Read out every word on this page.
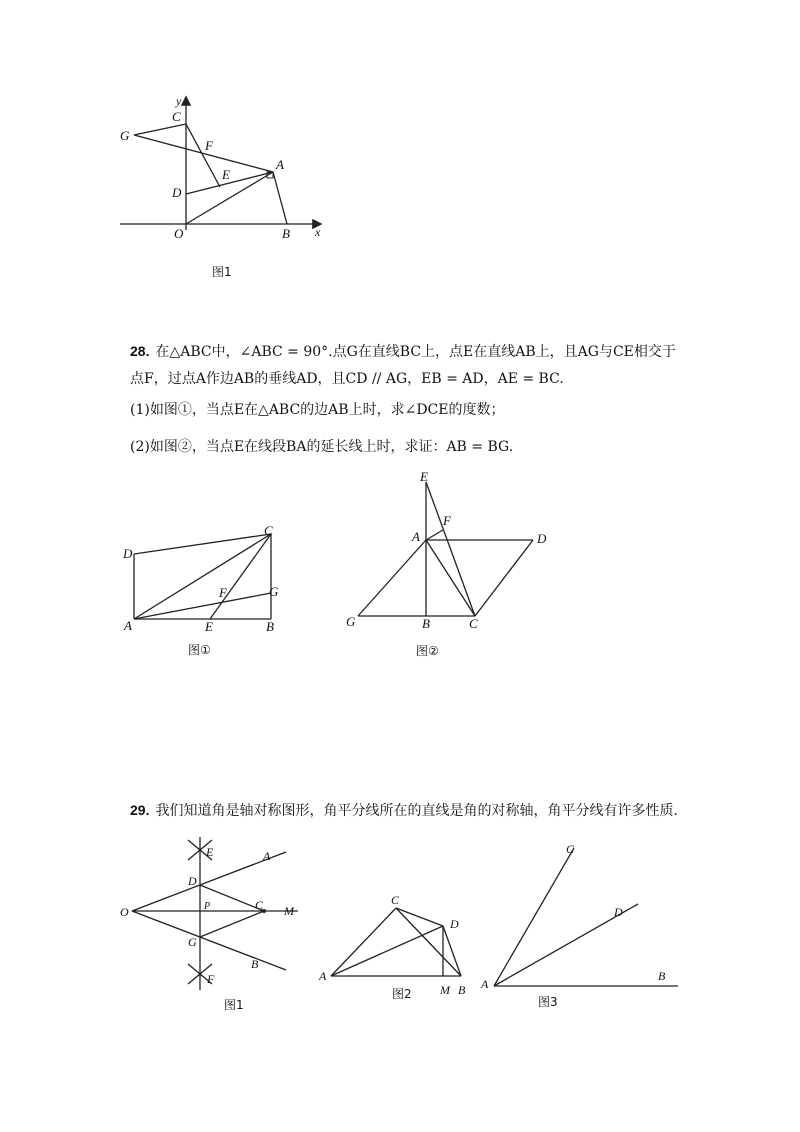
y
C
G
F
A
E
D
O	B x
图1
28. 在△ABC中，∠ABC = 90°.点G在直线BC上，点E在直线AB上，且AG与CE相交于
点F，过点A作边AB的垂线AD，且CD // AG，EB = AD，AE = BC.
(1)如图①，当点E在△ABC的边AB上时，求∠DCE的度数；
(2)如图②，当点E在线段BA的延长线上时，求证：AB = BG.
C
D
G
F
A	E	B
图①
E
F
A	D
G	B	C
图②
29. 我们知道角是轴对称图形，角平分线所在的直线是角的对称轴，角平分线有许多性质.
E	A
D
O	P	C M
G
B
F
图1
C
D
A
M B
图2
C
D
A
B
图3
